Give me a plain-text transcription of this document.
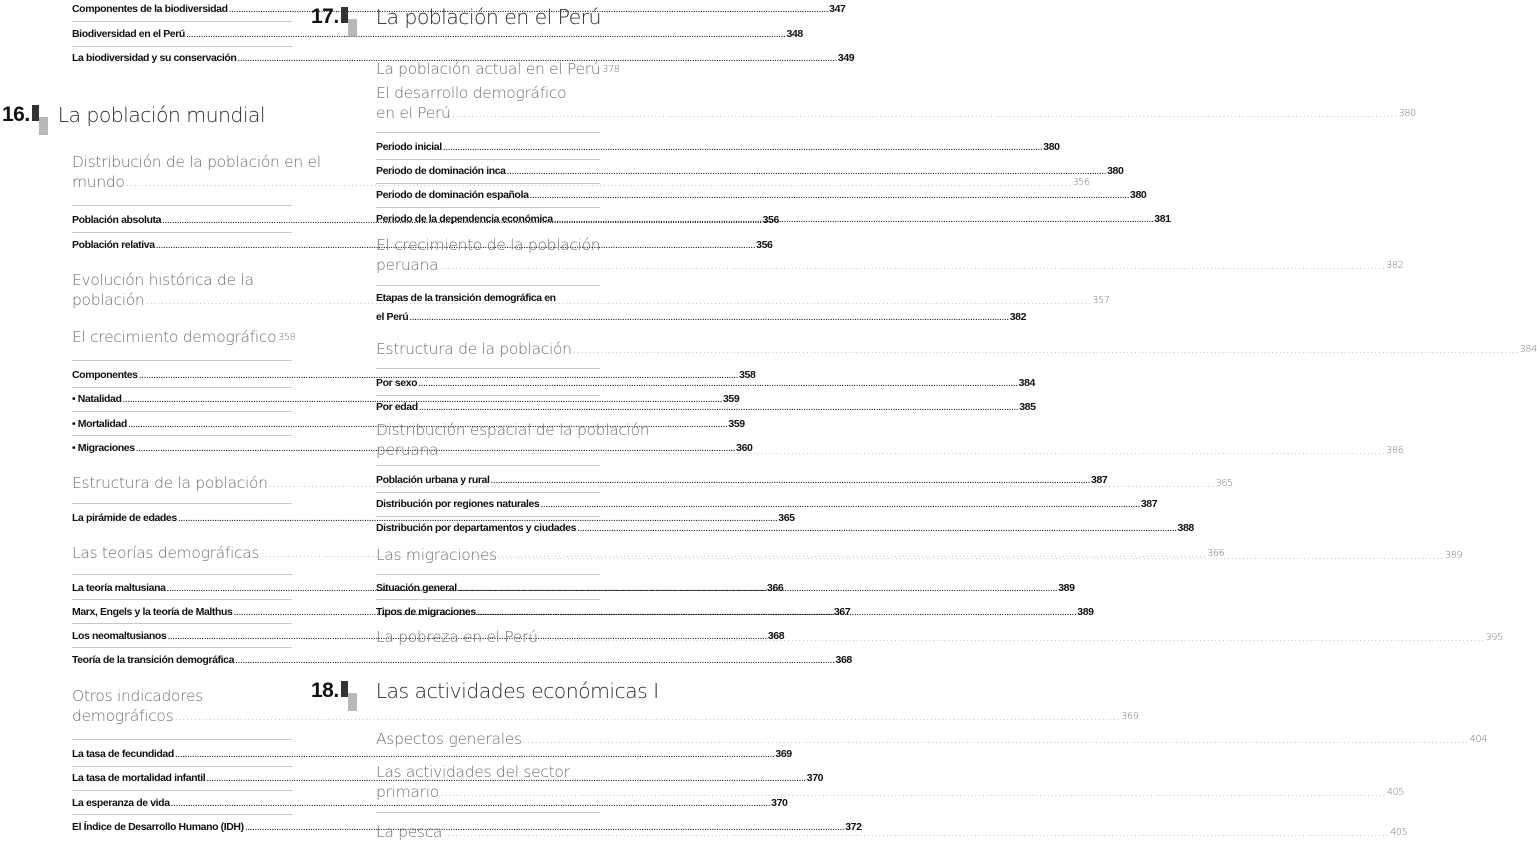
Componentes de la biodiversidad .....	347
Biodiversidad en el Perú .....	348
La biodiversidad y su conservación .....	349
16. La población mundial
Distribución de la población en el
mundo .....	356
Población absoluta .....	356
Población relativa .....	356
Evolución histórica de la
población .....	357
El crecimiento demográfico 358
Componentes .....	358
• Natalidad .....	359
• Mortalidad .....	359
• Migraciones .....	360
Estructura de la población .....	365
La pirámide de edades .....	365
Las teorías demográficas .....	366
La teoría maltusiana .....	366
Marx, Engels y la teoría de Malthus .....	367
Los neomaltusianos .....	368
Teoría de la transición demográfica .....	368
Otros indicadores
demográficos .....	369
La tasa de fecundidad .....	369
La tasa de mortalidad infantil .....	370
La esperanza de vida .....	370
El Índice de Desarrollo Humano (IDH) .....	372
17. La población en el Perú
La población actual en el Perú 378
El desarrollo demográfico
en el Perú .....	380
Periodo inicial .....	380
Periodo de dominación inca .....	380
Periodo de dominación española .....	380
Periodo de la dependencia económica .....	381
El crecimiento de la población
peruana .....	382
Etapas de la transición demográfica en
el Perú .....	382
Estructura de la población .....	384
Por sexo .....	384
Por edad .....	385
Distribución espacial de la población
peruana .....	386
Población urbana y rural .....	387
Distribución por regiones naturales .....	387
Distribución por departamentos y ciudades .....	388
Las migraciones .....	389
Situación general .....	389
Tipos de migraciones .....	389
La pobreza en el Perú .....	395
18. Las actividades económicas I
Aspectos generales .....	404
Las actividades del sector
primario .....	405
La pesca .....	405
